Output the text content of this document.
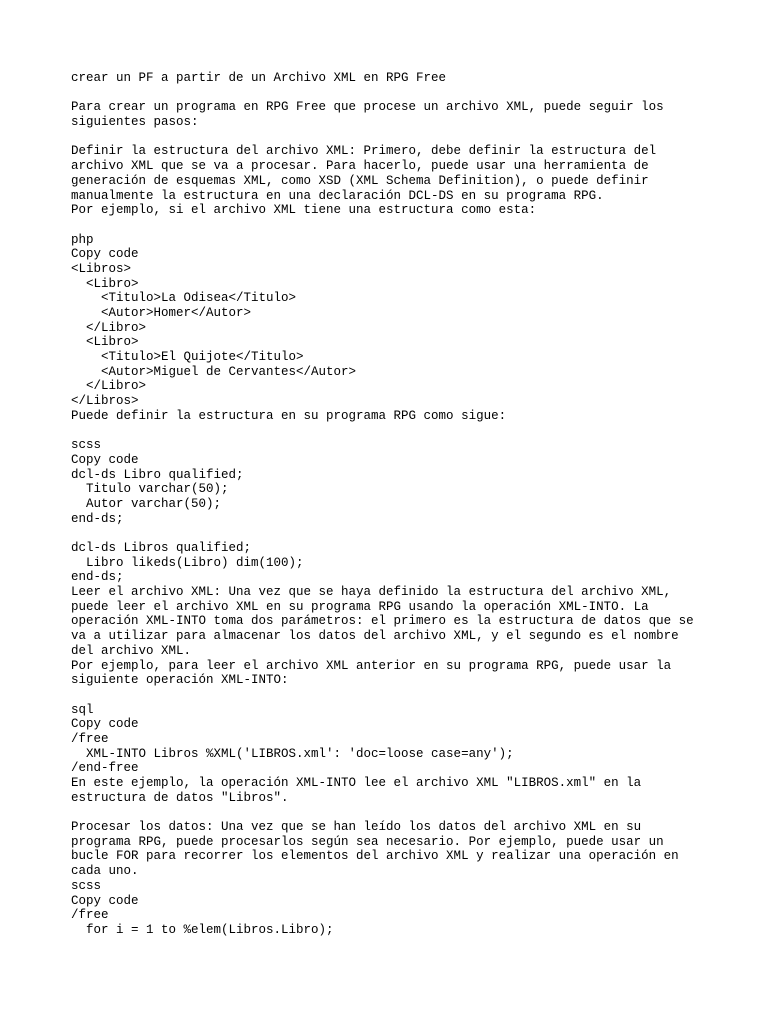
crear un PF a partir de un Archivo XML en RPG Free
Para crear un programa en RPG Free que procese un archivo XML, puede seguir los
siguientes pasos:
Definir la estructura del archivo XML: Primero, debe definir la estructura del
archivo XML que se va a procesar. Para hacerlo, puede usar una herramienta de
generación de esquemas XML, como XSD (XML Schema Definition), o puede definir
manualmente la estructura en una declaración DCL-DS en su programa RPG.
Por ejemplo, si el archivo XML tiene una estructura como esta:
php
Copy code
<Libros>
<Libro>
<Titulo>La Odisea</Titulo>
<Autor>Homer</Autor>
</Libro>
<Libro>
<Titulo>El Quijote</Titulo>
<Autor>Miguel de Cervantes</Autor>
</Libro>
</Libros>
Puede definir la estructura en su programa RPG como sigue:
scss
Copy code
dcl-ds Libro qualified;
Titulo varchar(50);
Autor varchar(50);
end-ds;
dcl-ds Libros qualified;
Libro likeds(Libro) dim(100);
end-ds;
Leer el archivo XML: Una vez que se haya definido la estructura del archivo XML,
puede leer el archivo XML en su programa RPG usando la operación XML-INTO. La
operación XML-INTO toma dos parámetros: el primero es la estructura de datos que se
va a utilizar para almacenar los datos del archivo XML, y el segundo es el nombre
del archivo XML.
Por ejemplo, para leer el archivo XML anterior en su programa RPG, puede usar la
siguiente operación XML-INTO:
sql
Copy code
/free
XML-INTO Libros %XML('LIBROS.xml': 'doc=loose case=any');
/end-free
En este ejemplo, la operación XML-INTO lee el archivo XML "LIBROS.xml" en la
estructura de datos "Libros".
Procesar los datos: Una vez que se han leído los datos del archivo XML en su
programa RPG, puede procesarlos según sea necesario. Por ejemplo, puede usar un
bucle FOR para recorrer los elementos del archivo XML y realizar una operación en
cada uno.
scss
Copy code
/free
for i = 1 to %elem(Libros.Libro);
